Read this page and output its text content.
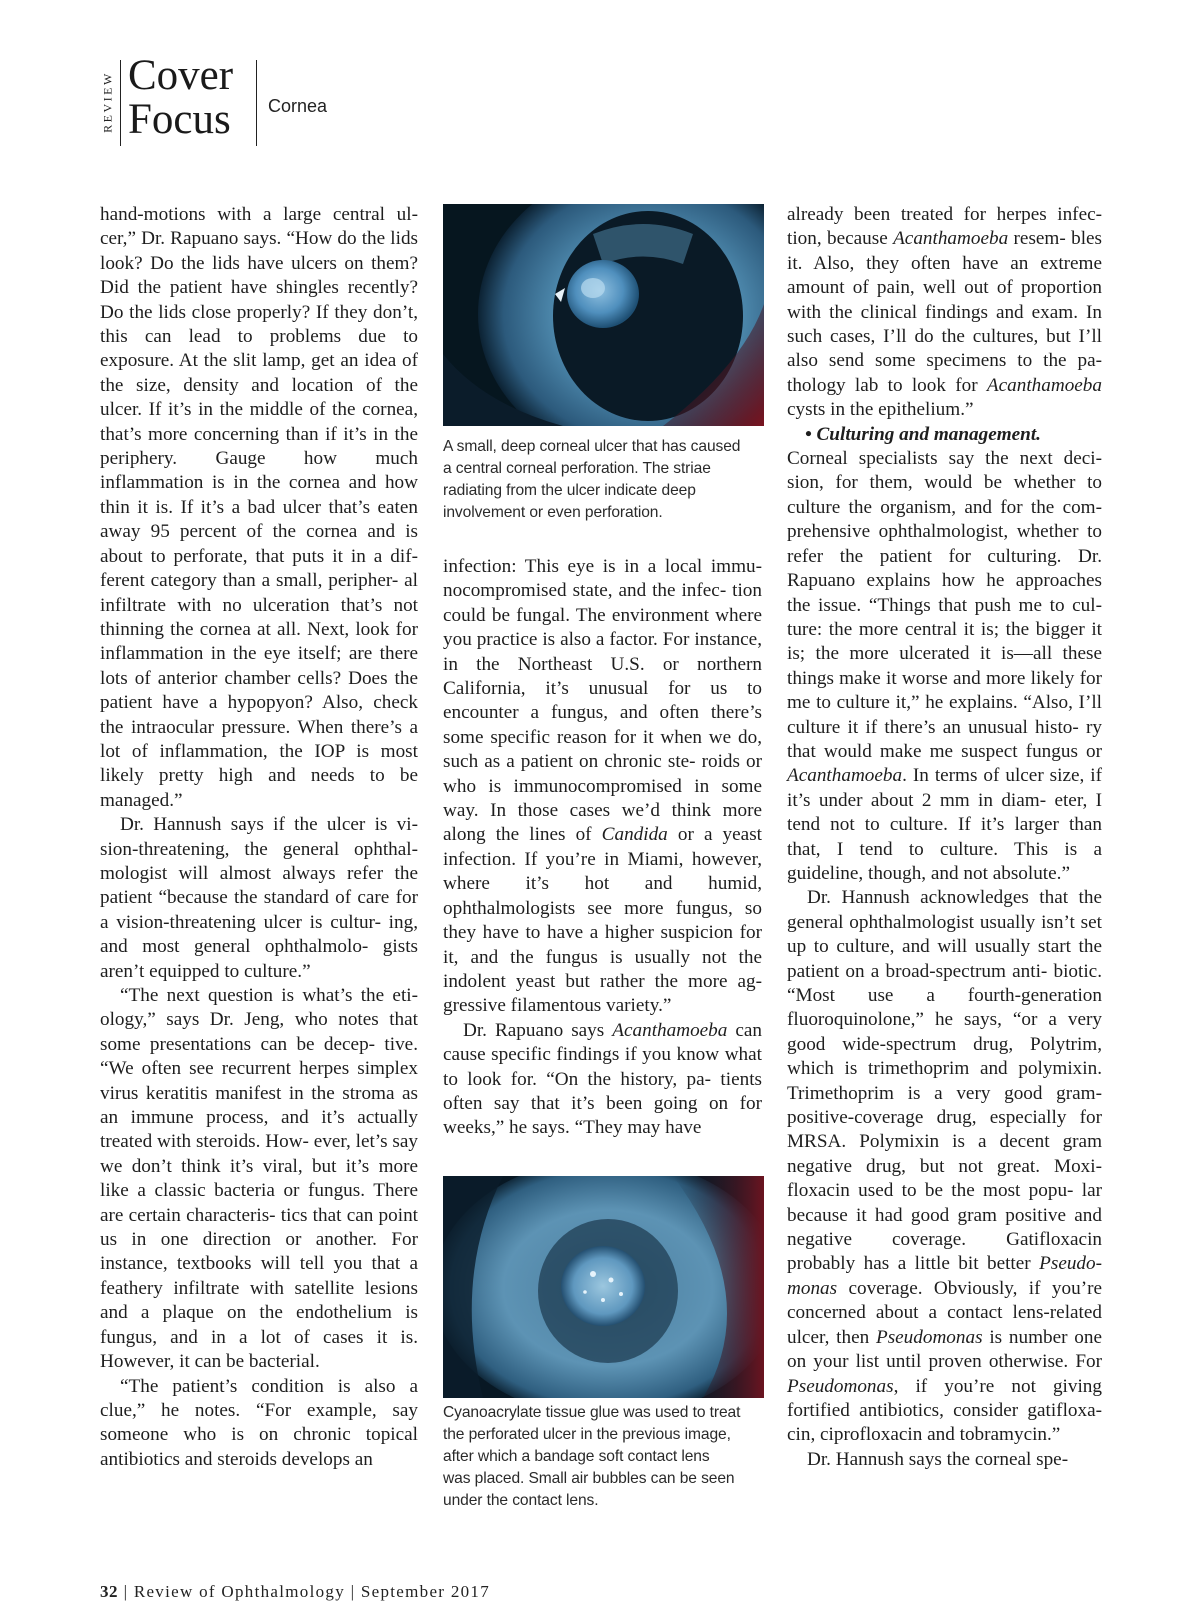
REVIEW Cover
Focus Cornea

hand-motions with a large central ul- cer,” Dr. Rapuano says. “How do the lids look? Do the lids have ulcers on them? Did the patient have shingles recently? Do the lids close properly? If they don’t, this can lead to problems due to exposure. At the slit lamp, get an idea of the size, density and location of the ulcer. If it’s in the middle of the cornea, that’s more concerning than if it’s in the periphery. Gauge how much inflammation is in the cornea and how thin it is. If it’s a bad ulcer that’s eaten away 95 percent of the cornea and is about to perforate, that puts it in a dif- ferent category than a small, peripher- al infiltrate with no ulceration that’s not thinning the cornea at all. Next, look for inflammation in the eye itself; are there lots of anterior chamber cells? Does the patient have a hypopyon? Also, check the intraocular pressure. When there’s a lot of inflammation, the IOP is most likely pretty high and needs to be managed.”

Dr. Hannush says if the ulcer is vi- sion-threatening, the general ophthal- mologist will almost always refer the patient “because the standard of care for a vision-threatening ulcer is cultur- ing, and most general ophthalmolo- gists aren’t equipped to culture.”

“The next question is what’s the eti- ology,” says Dr. Jeng, who notes that some presentations can be decep- tive. “We often see recurrent herpes simplex virus keratitis manifest in the stroma as an immune process, and it’s actually treated with steroids. How- ever, let’s say we don’t think it’s viral, but it’s more like a classic bacteria or fungus. There are certain characteris- tics that can point us in one direction or another. For instance, textbooks will tell you that a feathery infiltrate with satellite lesions and a plaque on the endothelium is fungus, and in a lot of cases it is. However, it can be bacterial.

“The patient’s condition is also a clue,” he notes. “For example, say someone who is on chronic topical antibiotics and steroids develops an

A small, deep corneal ulcer that has caused
a central corneal perforation. The striae
radiating from the ulcer indicate deep
involvement or even perforation.

infection: This eye is in a local immu- nocompromised state, and the infec- tion could be fungal. The environment where you practice is also a factor. For instance, in the Northeast U.S. or northern California, it’s unusual for us to encounter a fungus, and often there’s some specific reason for it when we do, such as a patient on chronic ste- roids or who is immunocompromised in some way. In those cases we’d think more along the lines of Candida or a yeast infection. If you’re in Miami, however, where it’s hot and humid, ophthalmologists see more fungus, so they have to have a higher suspicion for it, and the fungus is usually not the indolent yeast but rather the more ag- gressive filamentous variety.”

Dr. Rapuano says Acanthamoeba can cause specific findings if you know what to look for. “On the history, pa- tients often say that it’s been going on for weeks,” he says. “They may have

Cyanoacrylate tissue glue was used to treat
the perforated ulcer in the previous image,
after which a bandage soft contact lens
was placed. Small air bubbles can be seen
under the contact lens.

already been treated for herpes infec- tion, because Acanthamoeba resem- bles it. Also, they often have an extreme amount of pain, well out of proportion with the clinical findings and exam. In such cases, I’ll do the cultures, but I’ll also send some specimens to the pa- thology lab to look for Acanthamoeba cysts in the epithelium.”

• Culturing and management.

Corneal specialists say the next deci- sion, for them, would be whether to culture the organism, and for the com- prehensive ophthalmologist, whether to refer the patient for culturing. Dr. Rapuano explains how he approaches the issue. “Things that push me to cul- ture: the more central it is; the bigger it is; the more ulcerated it is—all these things make it worse and more likely for me to culture it,” he explains. “Also, I’ll culture it if there’s an unusual histo- ry that would make me suspect fungus or Acanthamoeba. In terms of ulcer size, if it’s under about 2 mm in diam- eter, I tend not to culture. If it’s larger than that, I tend to culture. This is a guideline, though, and not absolute.”

Dr. Hannush acknowledges that the general ophthalmologist usually isn’t set up to culture, and will usually start the patient on a broad-spectrum anti- biotic. “Most use a fourth-generation fluoroquinolone,” he says, “or a very good wide-spectrum drug, Polytrim, which is trimethoprim and polymixin. Trimethoprim is a very good gram- positive-coverage drug, especially for MRSA. Polymixin is a decent gram negative drug, but not great. Moxi- floxacin used to be the most popu- lar because it had good gram positive and negative coverage. Gatifloxacin probably has a little bit better Pseudo- monas coverage. Obviously, if you’re concerned about a contact lens-related ulcer, then Pseudomonas is number one on your list until proven otherwise. For Pseudomonas, if you’re not giving fortified antibiotics, consider gatifloxa- cin, ciprofloxacin and tobramycin.”

Dr. Hannush says the corneal spe-

32 | Review of Ophthalmology | September 2017
